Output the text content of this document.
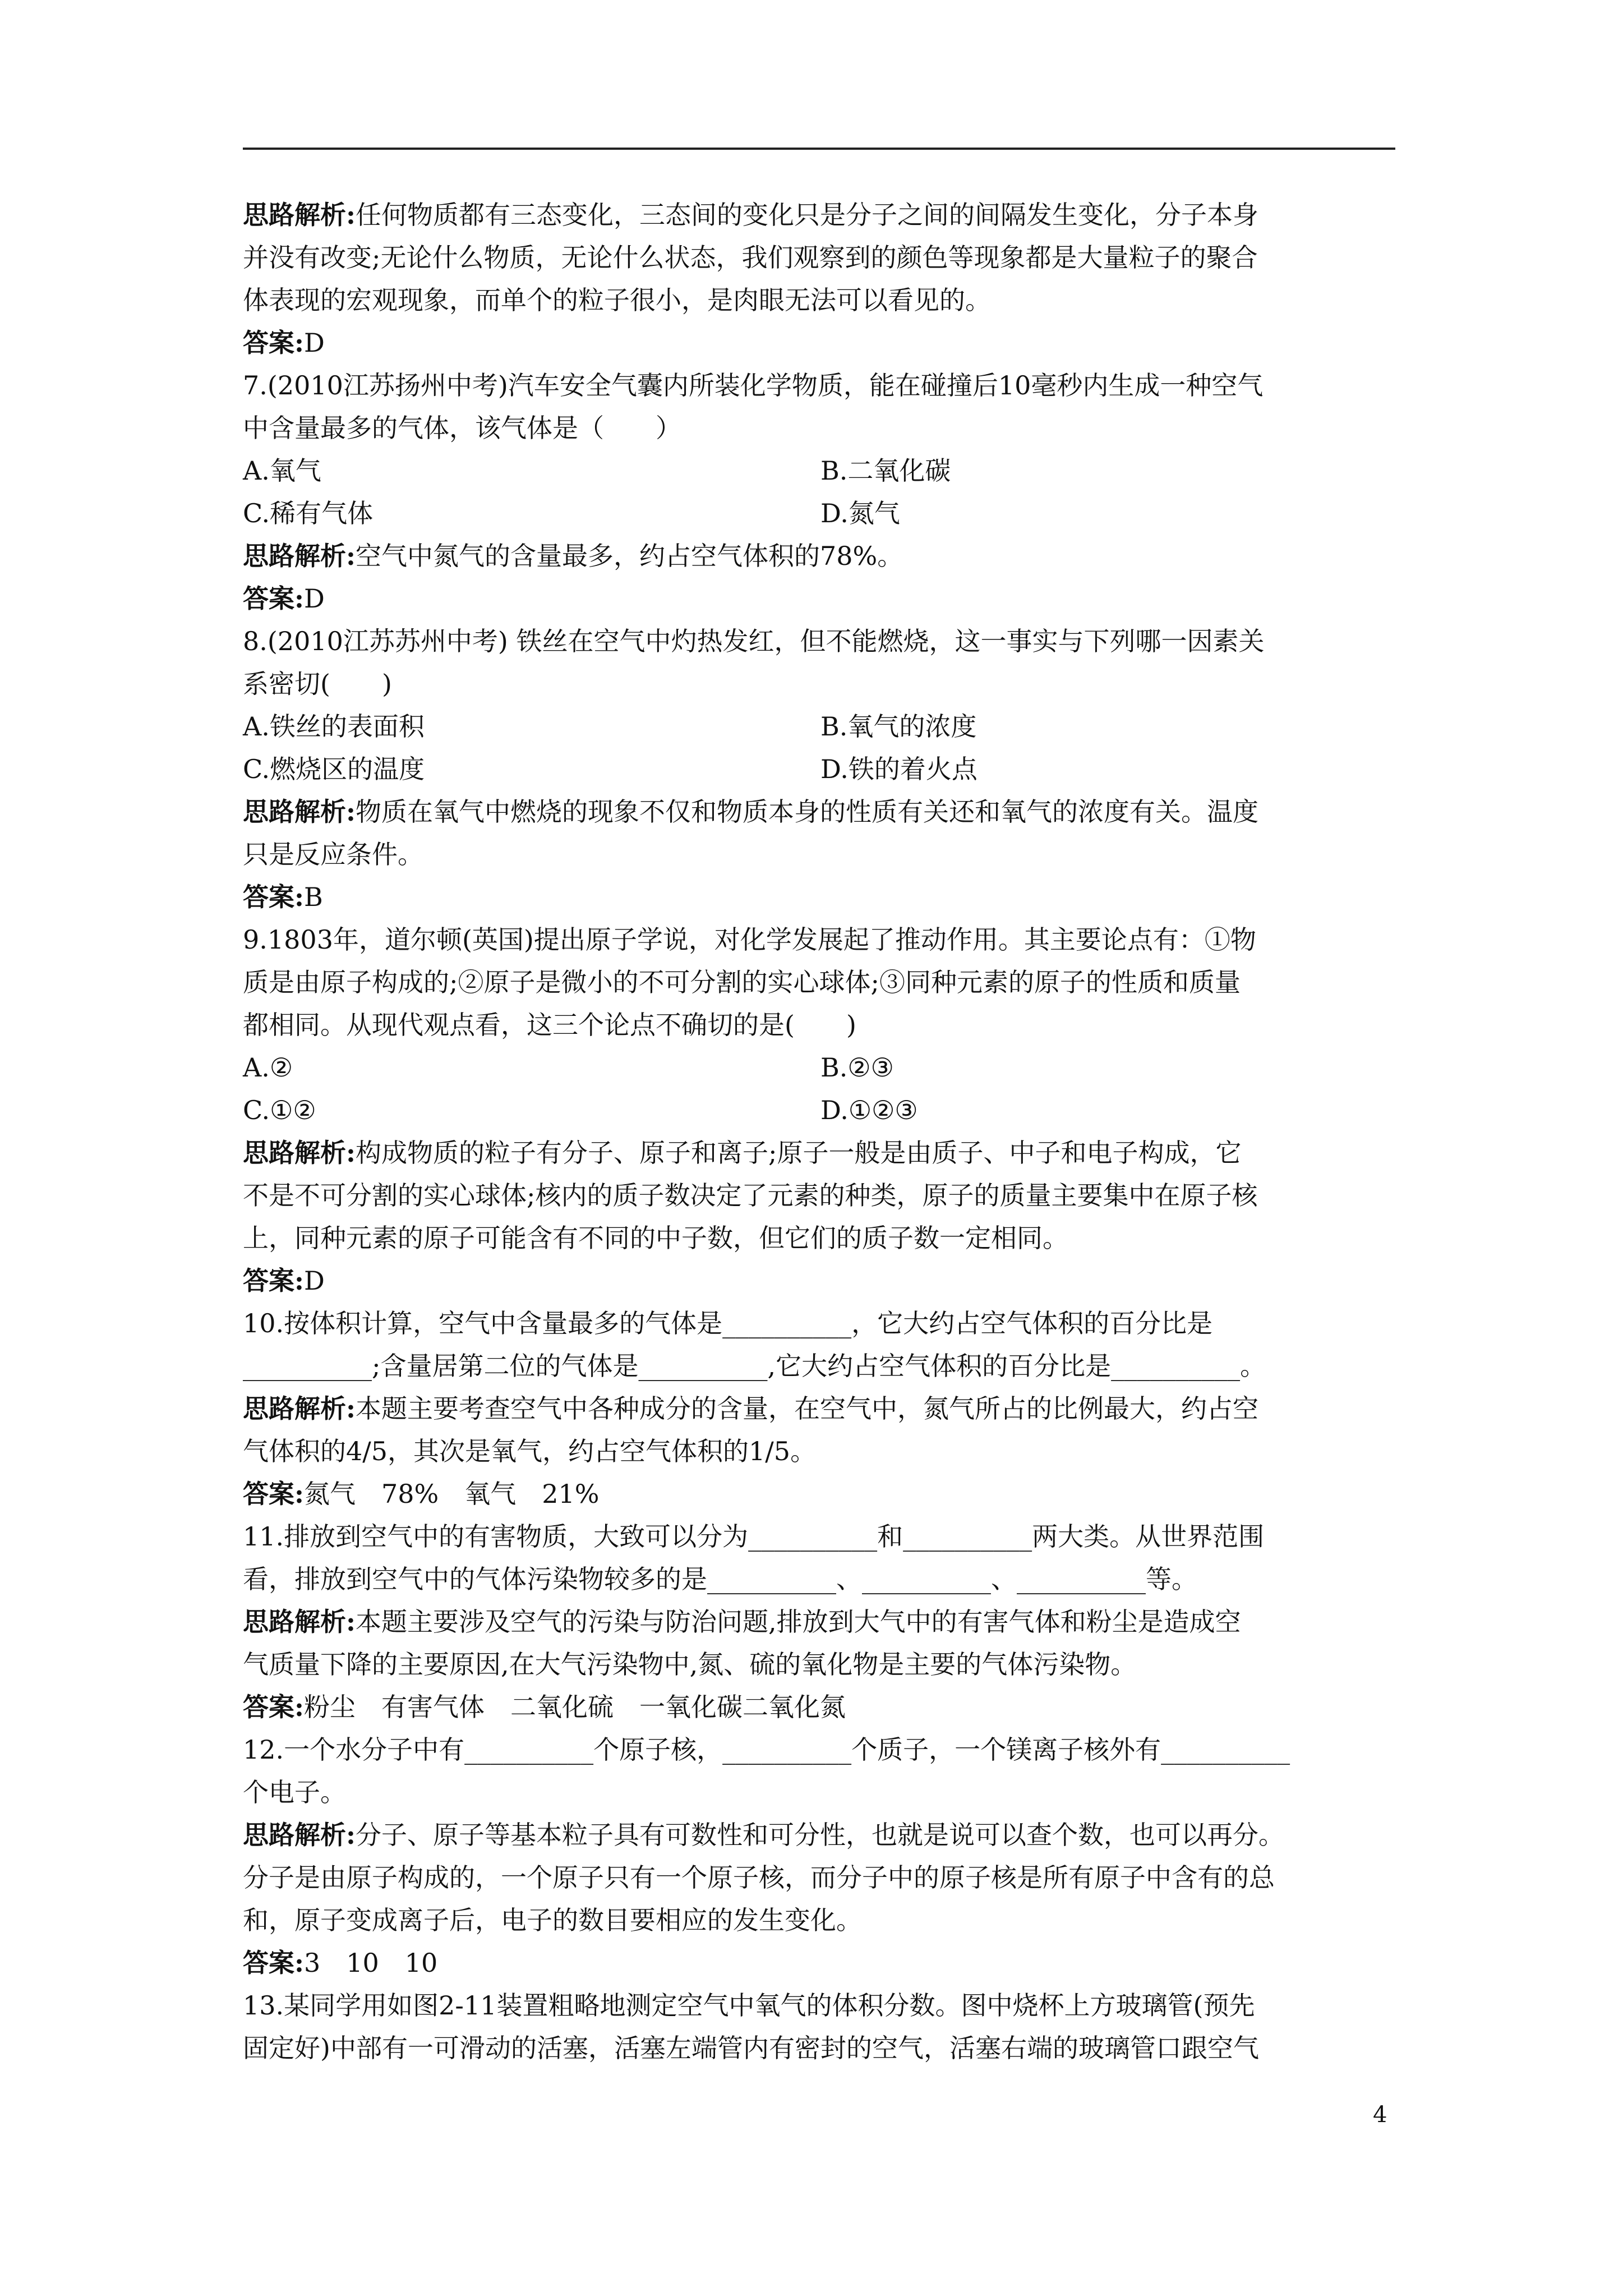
思路解析:任何物质都有三态变化，三态间的变化只是分子之间的间隔发生变化，分子本身
并没有改变;无论什么物质，无论什么状态，我们观察到的颜色等现象都是大量粒子的聚合
体表现的宏观现象，而单个的粒子很小，是肉眼无法可以看见的。
答案:D
7.(2010江苏扬州中考)汽车安全气囊内所装化学物质，能在碰撞后10毫秒内生成一种空气
中含量最多的气体，该气体是（　　）
A.氧气	B.二氧化碳
C.稀有气体	D.氮气
思路解析:空气中氮气的含量最多，约占空气体积的78%。
答案:D
8.(2010江苏苏州中考) 铁丝在空气中灼热发红，但不能燃烧，这一事实与下列哪一因素关
系密切(　　)
A.铁丝的表面积	B.氧气的浓度
C.燃烧区的温度	D.铁的着火点
思路解析:物质在氧气中燃烧的现象不仅和物质本身的性质有关还和氧气的浓度有关。温度
只是反应条件。
答案:B
9.1803年，道尔顿(英国)提出原子学说，对化学发展起了推动作用。其主要论点有：①物
质是由原子构成的;②原子是微小的不可分割的实心球体;③同种元素的原子的性质和质量
都相同。从现代观点看，这三个论点不确切的是(　　)
A.②	B.②③
C.①②	D.①②③
思路解析:构成物质的粒子有分子、原子和离子;原子一般是由质子、中子和电子构成，它
不是不可分割的实心球体;核内的质子数决定了元素的种类，原子的质量主要集中在原子核
上，同种元素的原子可能含有不同的中子数，但它们的质子数一定相同。
答案:D
10.按体积计算，空气中含量最多的气体是__________，它大约占空气体积的百分比是
__________;含量居第二位的气体是__________,它大约占空气体积的百分比是__________。
思路解析:本题主要考查空气中各种成分的含量，在空气中，氮气所占的比例最大，约占空
气体积的4/5，其次是氧气，约占空气体积的1/5。
答案:氮气　78%　氧气　21%
11.排放到空气中的有害物质，大致可以分为__________和__________两大类。从世界范围
看，排放到空气中的气体污染物较多的是__________、__________、__________等。
思路解析:本题主要涉及空气的污染与防治问题,排放到大气中的有害气体和粉尘是造成空
气质量下降的主要原因,在大气污染物中,氮、硫的氧化物是主要的气体污染物。
答案:粉尘　有害气体　二氧化硫　一氧化碳二氧化氮
12.一个水分子中有__________个原子核，__________个质子，一个镁离子核外有__________
个电子。
思路解析:分子、原子等基本粒子具有可数性和可分性，也就是说可以查个数，也可以再分。
分子是由原子构成的，一个原子只有一个原子核，而分子中的原子核是所有原子中含有的总
和，原子变成离子后，电子的数目要相应的发生变化。
答案:3　10　10
13.某同学用如图2-11装置粗略地测定空气中氧气的体积分数。图中烧杯上方玻璃管(预先
固定好)中部有一可滑动的活塞，活塞左端管内有密封的空气，活塞右端的玻璃管口跟空气
4
